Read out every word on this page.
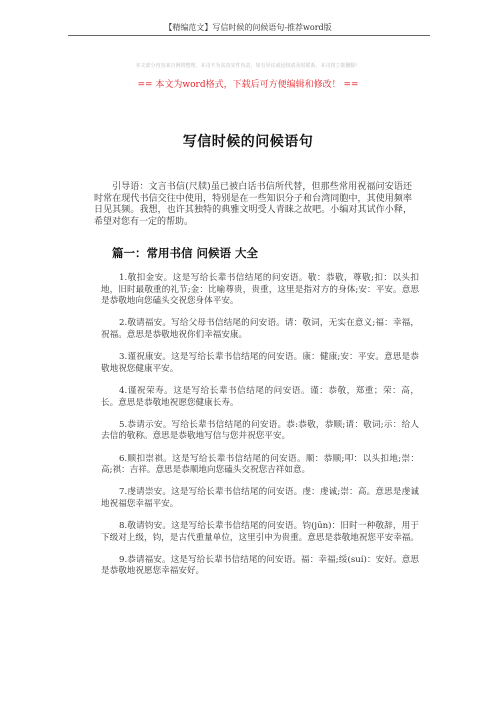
【精编范文】写信时候的问候语句-推荐word版
本文部分内容来自网络整理，本司不为其真实性负责，如有异议或侵权请及时联系，本司将立即删除！
== 本文为word格式，下载后可方便编辑和修改！ ==
写信时候的问候语句

引导语：文言书信(尺牍)虽已被白话书信所代替，但那些常用祝福问安语还时常在现代书信交往中使用，特别是在一些知识分子和台湾同胞中，其使用频率日见其频。我想，也许其独特的典雅文明受人青睐之故吧。小编对其试作小释，希望对您有一定的帮助。

篇一：常用书信 问候语 大全

1.敬扣金安。这是写给长辈书信结尾的问安语。敬：恭敬，尊敬;扣：以头扣地，旧时最敬重的礼节;金：比喻尊贵，贵重，这里是指对方的身体;安：平安。意思是恭敬地向您磕头交祝您身体平安。

2.敬请福安。写给父母书信结尾的问安语。请：敬词，无实在意义;福：幸福，祝福。意思是恭敬地祝你们幸福安康。

3.谨祝康安。这是写给长辈书信结尾的问安语。康：健康;安：平安。意思是恭敬地祝您健康平安。

4.谨祝荣寿。这是写给长辈书信结尾的问安语。谨：恭敬，郑重；荣：高，长。意思是恭敬地祝愿您健康长寿。

5.恭请示安。写给长辈书信结尾的问安语。恭:恭敬，恭顺;请：敬词;示：给人去信的敬称。意思是恭敬地写信与您并祝您平安。

6.顺扣崇祺。这是写给长辈书信结尾的问安语。顺：恭顺;叩：以头扣地;崇：高;祺：吉祥。意思是恭顺地向您磕头交祝您吉祥如意。

7.虔请崇安。这是写给长辈书信结尾的问安语。虔：虔诚;崇：高。意思是虔诚地祝福您幸福平安。

8.敬请钧安。这是写给长辈书信结尾的问安语。钧(jūn)：旧时一种敬辞，用于下级对上级，钧，是古代重量单位，这里引申为贵重。意思是恭敬地祝您平安幸福。

9.恭请福安。这是写给长辈书信结尾的问安语。福：幸福;绥(suí)：安好。意思是恭敬地祝愿您幸福安好。
